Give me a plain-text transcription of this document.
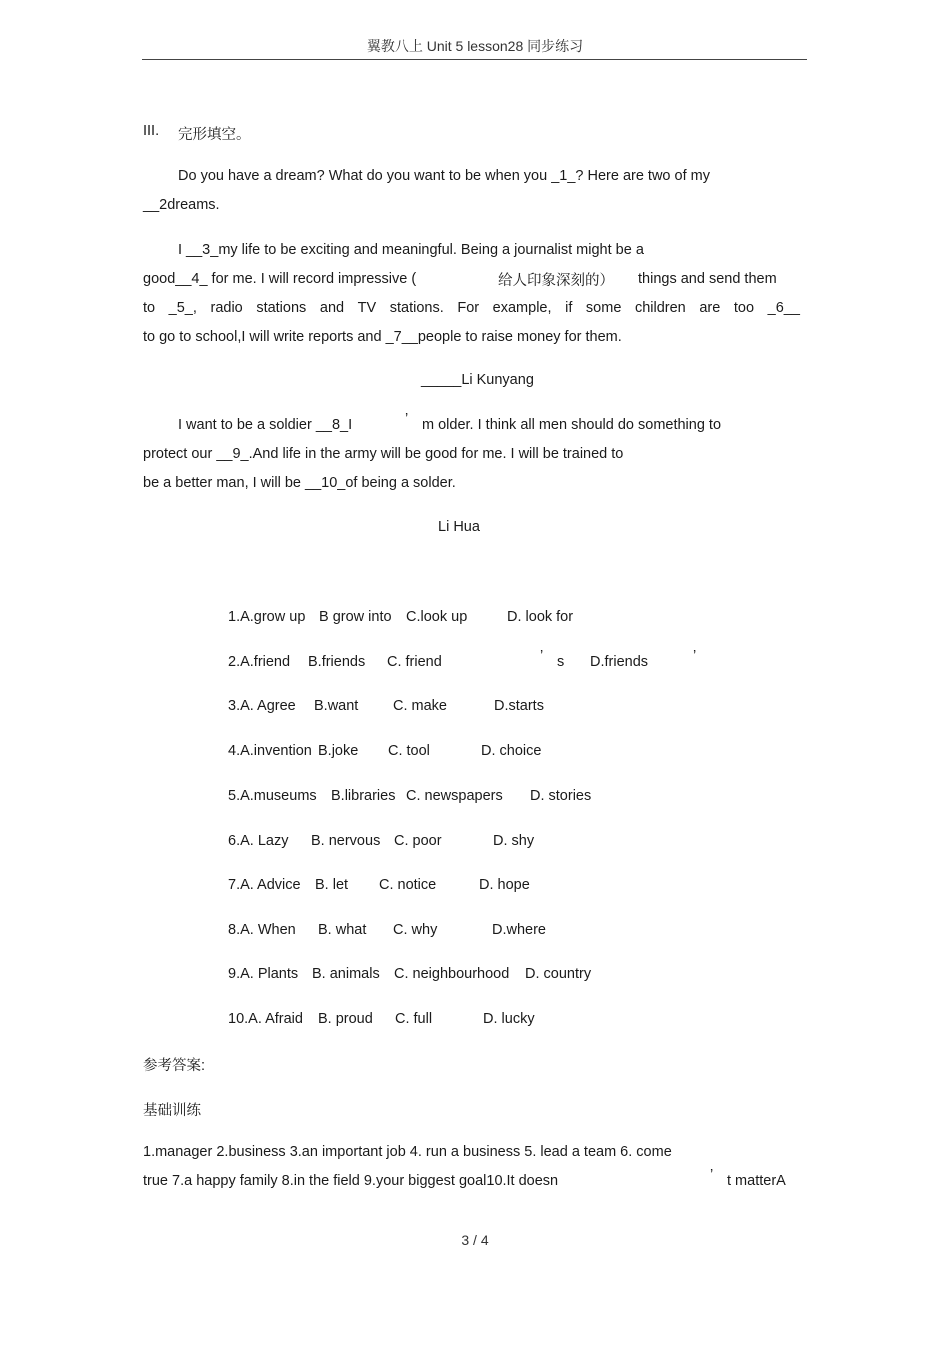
翼教八上 Unit 5 lesson28 同步练习
III. 完形填空。
Do you have a dream? What do you want to be when you _1_? Here are two of my
__2dreams.
I __3_my life to be exciting and meaningful. Being a journalist might be a
good__4_ for me. I will record impressive (	给人印象深刻的） things and send them
to _5_, radio stations and TV stations. For example, if some children are too _6__
to go to school,I will write reports and _7__people to raise money for them.
_____Li Kunyang
I want to be a soldier __8_I	’ m older. I think all men should do something to
protect our __9_.And life in the army will be good for me. I will be trained to
be a better man, I will be __10_of being a solder.
Li Hua
1.A.grow up B grow into C.look up	D. look for
2.A.friend B.friends C. friend	’ s D.friends	’
3.A. Agree B.want C. make	D.starts
4.A.invention B.joke C. tool	D. choice
5.A.museums B.libraries C. newspapers D. stories
6.A. Lazy B. nervous C. poor	D. shy
7.A. Advice B. let C. notice	D. hope
8.A. When B. what C. why	D.where
9.A. Plants B. animals C. neighbourhood D. country
10.A. Afraid B. proud C. full	D. lucky
参考答案:
基础训练
1.manager 2.business 3.an important job 4. run a business 5. lead a team 6. come
true 7.a happy family 8.in the field 9.your biggest goal10.It doesn	’ t matterA
3 / 4
